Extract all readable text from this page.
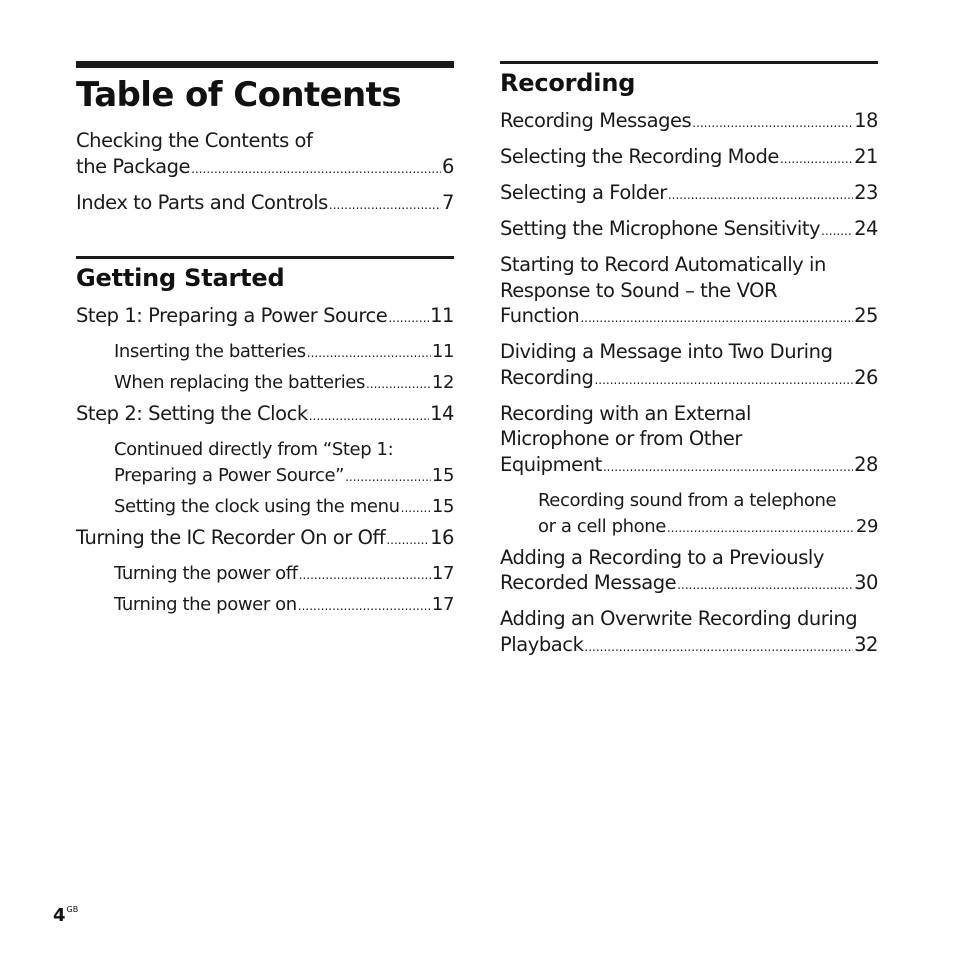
Table of Contents
Checking the Contents of
the Package .....	6
Index to Parts and Controls .....	7
Getting Started
Step 1: Preparing a Power Source ..... 11
Inserting the batteries .....	11
When replacing the batteries .....	12
Step 2: Setting the Clock .....	14
Continued directly from “Step 1:
Preparing a Power Source” .....	15
Setting the clock using the menu ..... 15
Turning the IC Recorder On or Off ..... 16
Turning the power off .....	17
Turning the power on .....	17
Recording
Recording Messages .....	18
Selecting the Recording Mode .....	21
Selecting a Folder .....	23
Setting the Microphone Sensitivity ..... 24
Starting to Record Automatically in
Response to Sound – the VOR
Function .....	25
Dividing a Message into Two During
Recording .....	26
Recording with an External
Microphone or from Other
Equipment .....	28
Recording sound from a telephone
or a cell phone .....	29
Adding a Recording to a Previously
Recorded Message .....	30
Adding an Overwrite Recording during
Playback .....	32
$4^{GB}$
